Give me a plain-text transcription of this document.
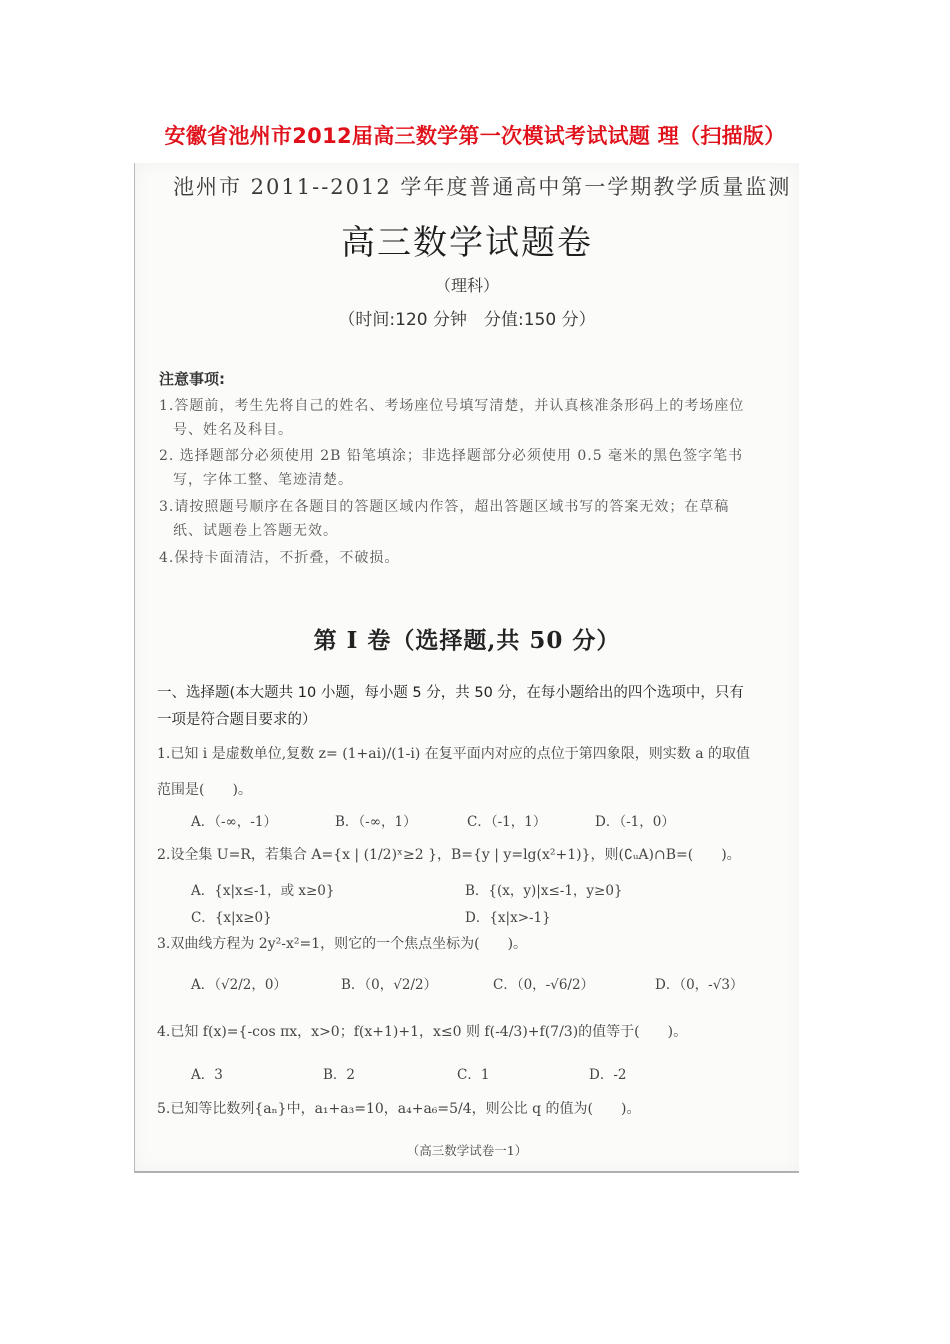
安徽省池州市2012届高三数学第一次模试考试试题 理（扫描版）
池州市 2011--2012 学年度普通高中第一学期教学质量监测
高三数学试题卷
（理科）
（时间:120 分钟　分值:150 分）
注意事项:
1.答题前，考生先将自己的姓名、考场座位号填写清楚，并认真核准条形码上的考场座位
号、姓名及科目。
2. 选择题部分必须使用 2B 铅笔填涂；非选择题部分必须使用 0.5 毫米的黑色签字笔书
写，字体工整、笔迹清楚。
3.请按照题号顺序在各题目的答题区域内作答，超出答题区域书写的答案无效；在草稿
纸、试题卷上答题无效。
4.保持卡面清洁，不折叠，不破损。
第 I 卷（选择题,共 50 分）
一、选择题(本大题共 10 小题，每小题 5 分，共 50 分，在每小题给出的四个选项中，只有
一项是符合题目要求的）
1.已知 i 是虚数单位,复数 z= (1+ai)/(1-i) 在复平面内对应的点位于第四象限，则实数 a 的取值
范围是(　　)。
A．（-∞，-1）	B．（-∞，1）	C．（-1，1）	D．（-1，0）
2.设全集 U=R，若集合 A={x | (1/2)ˣ≥2 }，B={y | y=lg(x²+1)}，则(∁ᵤA)∩B=(　　)。
A．{x|x≤-1，或 x≥0}	B．{(x，y)|x≤-1，y≥0}
C．{x|x≥0}	D．{x|x>-1}
3.双曲线方程为 2y²-x²=1，则它的一个焦点坐标为(　　)。
A．（√2/2，0）	B．（0，√2/2）	C．（0，-√6/2）	D．（0，-√3）
4.已知 f(x)={-cos πx，x>0；f(x+1)+1，x≤0 则 f(-4/3)+f(7/3)的值等于(　　)。
A．3	B．2	C．1	D．-2
5.已知等比数列{aₙ}中，a₁+a₃=10，a₄+a₆=5/4，则公比 q 的值为(　　)。
（高三数学试卷一1）
